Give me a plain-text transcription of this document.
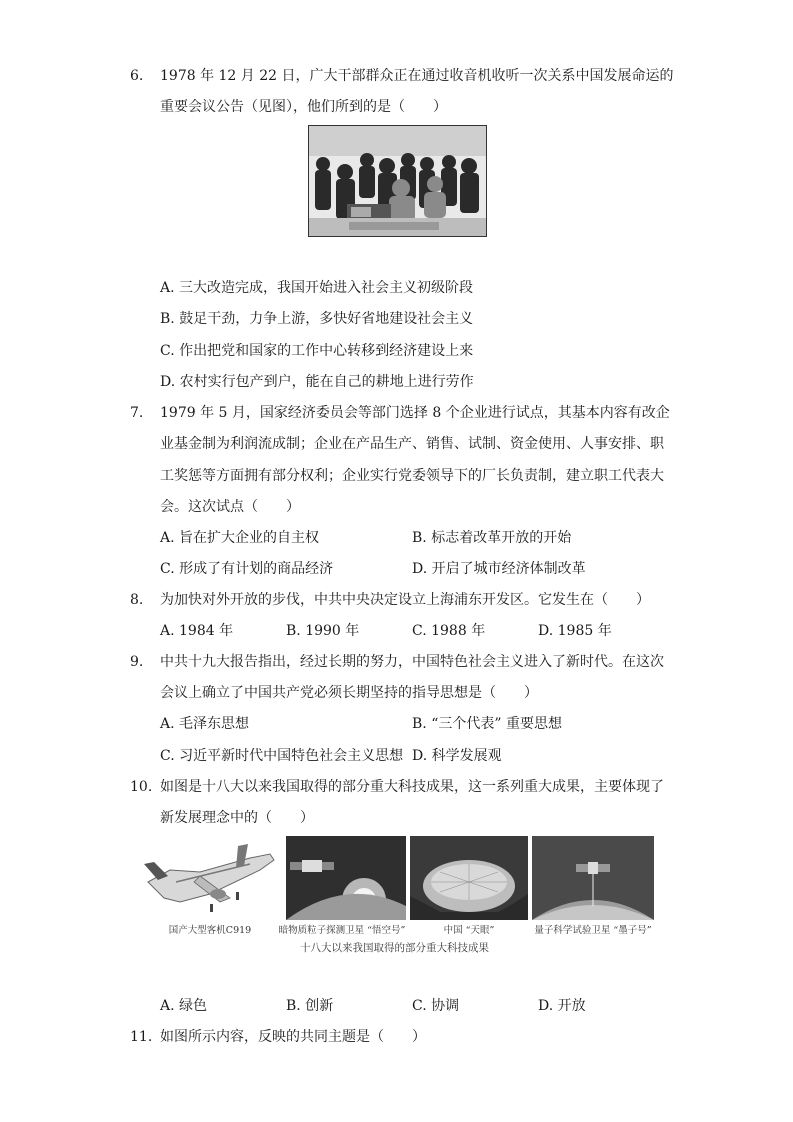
6. 1978 年 12 月 22 日，广大干部群众正在通过收音机收听一次关系中国发展命运的
重要会议公告（见图），他们所到的是（　　）
A. 三大改造完成，我国开始进入社会主义初级阶段
B. 鼓足干劲，力争上游，多快好省地建设社会主义
C. 作出把党和国家的工作中心转移到经济建设上来
D. 农村实行包产到户，能在自己的耕地上进行劳作
7. 1979 年 5 月，国家经济委员会等部门选择 8 个企业进行试点，其基本内容有改企
业基金制为利润流成制；企业在产品生产、销售、试制、资金使用、人事安排、职
工奖惩等方面拥有部分权利；企业实行党委领导下的厂长负责制，建立职工代表大
会。这次试点（　　）
A. 旨在扩大企业的自主权	B. 标志着改革开放的开始
C. 形成了有计划的商品经济	D. 开启了城市经济体制改革
8. 为加快对外开放的步伐，中共中央决定设立上海浦东开发区。它发生在（　　）
A. 1984 年	B. 1990 年	C. 1988 年	D. 1985 年
9. 中共十九大报告指出，经过长期的努力，中国特色社会主义进入了新时代。在这次
会议上确立了中国共产党必须长期坚持的指导思想是（　　）
A. 毛泽东思想	B. “三个代表” 重要思想
C. 习近平新时代中国特色社会主义思想 D. 科学发展观
10. 如图是十八大以来我国取得的部分重大科技成果，这一系列重大成果，主要体现了
新发展理念中的（　　）
国产大型客机C919	暗物质粒子探测卫星 “悟空号”	中国 “天眼”	量子科学试验卫星 “墨子号”
十八大以来我国取得的部分重大科技成果
A. 绿色	B. 创新	C. 协调	D. 开放
11. 如图所示内容，反映的共同主题是（　　）
